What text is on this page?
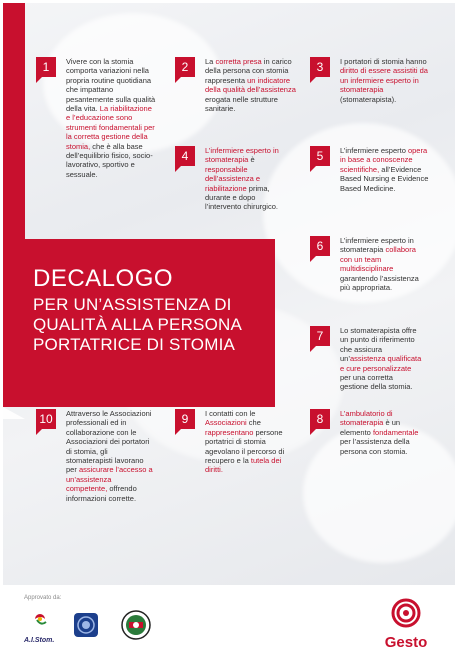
DECALOGO
PER UN’ASSISTENZA DI QUALITÀ ALLA PERSONA PORTATRICE DI STOMIA
1	Vivere con la stomia comporta variazioni nella propria routine quotidiana che impattano pesantemente sulla qualità della vita. La riabilitazione e l’educazione sono strumenti fondamentali per la corretta gestione della stomia, che è alla base dell’equilibrio fisico, socio-lavorativo, sportivo e sessuale.
2	La corretta presa in carico della persona con stomia rappresenta un indicatore della qualità dell’assistenza erogata nelle strutture sanitarie.
3	I portatori di stomia hanno diritto di essere assistiti da un infermiere esperto in stomaterapia (stomaterapista).
4	L’infermiere esperto in stomaterapia è responsabile dell’assistenza e riabilitazione prima, durante e dopo l’intervento chirurgico.
5	L’infermiere esperto opera in base a conoscenze scientifiche, all’Evidence Based Nursing e Evidence Based Medicine.
6	L’infermiere esperto in stomaterapia collabora con un team multidisciplinare garantendo l’assistenza più appropriata.
7	Lo stomaterapista offre un punto di riferimento che assicura un’assistenza qualificata e cure personalizzate per una corretta gestione della stomia.
8	L’ambulatorio di stomaterapia è un elemento fondamentale per l’assistenza della persona con stomia.
9	I contatti con le Associazioni che rappresentano persone portatrici di stomia agevolano il percorso di recupero e la tutela dei diritti.
10	Attraverso le Associazioni professionali ed in collaborazione con le Associazioni dei portatori di stomia, gli stomaterapisti lavorano per assicurare l’accesso a un’assistenza competente, offrendo informazioni corrette.
Approvato da:
A.I.Stom.	Gesto
